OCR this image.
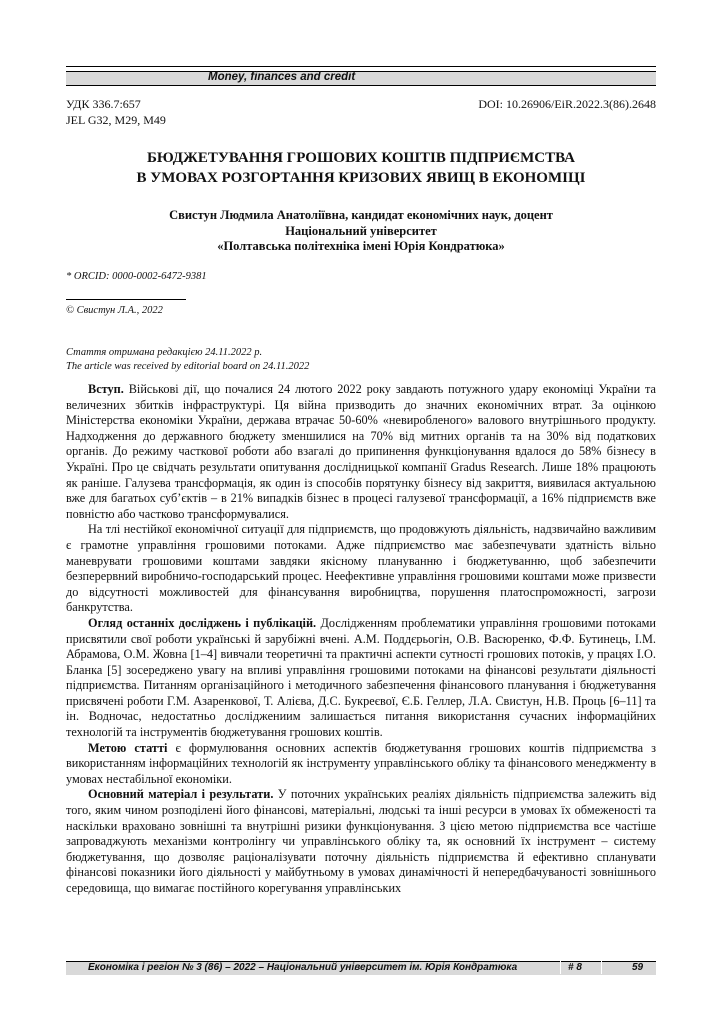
Money, finances and credit
УДК 336.7:657
JEL G32, M29, M49
DOI: 10.26906/EiR.2022.3(86).2648
БЮДЖЕТУВАННЯ ГРОШОВИХ КОШТІВ ПІДПРИЄМСТВА
В УМОВАХ РОЗГОРТАННЯ КРИЗОВИХ ЯВИЩ В ЕКОНОМІЦІ
Свистун Людмила Анатоліївна, кандидат економічних наук, доцент
Національний університет
«Полтавська політехніка імені Юрія Кондратюка»
* ORCID: 0000-0002-6472-9381
© Свистун Л.А., 2022
Стаття отримана редакцією 24.11.2022 р.
The article was received by editorial board on 24.11.2022

Вступ. Військові дії, що почалися 24 лютого 2022 року завдають потужного удару економіці України та величезних збитків інфраструктурі. Ця війна призводить до значних економічних втрат. За оцінкою Міністерства економіки України, держава втрачає 50-60% «невиробленого» валового внутрішнього продукту. Надходження до державного бюджету зменшилися на 70% від митних органів та на 30% від податкових органів. До режиму часткової роботи або взагалі до припинення функціонування вдалося до 58% бізнесу в Україні. Про це свідчать результати опитування дослідницької компанії Gradus Research. Лише 18% працюють як раніше. Галузева трансформація, як один із способів порятунку бізнесу від закриття, виявилася актуальною вже для багатьох суб’єктів – в 21% випадків бізнес в процесі галузевої трансформації, а 16% підприємств вже повністю або частково трансформувалися.

На тлі нестійкої економічної ситуації для підприємств, що продовжують діяльність, надзвичайно важливим є грамотне управління грошовими потоками. Адже підприємство має забезпечувати здатність вільно маневрувати грошовими коштами завдяки якісному плануванню і бюджетуванню, щоб забезпечити безперервний виробничо-господарський процес. Неефективне управління грошовими коштами може призвести до відсутності можливостей для фінансування виробництва, порушення платоспроможності, загрози банкрутства.

Огляд останніх досліджень і публікацій. Дослідженням проблематики управління грошовими потоками присвятили свої роботи українські й зарубіжні вчені. А.М. Поддєрьогін, О.В. Васюренко, Ф.Ф. Бутинець, І.М. Абрамова, О.М. Жовна [1–4] вивчали теоретичні та практичні аспекти сутності грошових потоків, у працях І.О. Бланка [5] зосереджено увагу на впливі управління грошовими потоками на фінансові результати діяльності підприємства. Питанням організаційного і методичного забезпечення фінансового планування і бюджетування присвячені роботи Г.М. Азаренкової, Т. Алієва, Д.С. Букреєвої, Є.Б. Геллер, Л.А. Свистун, Н.В. Проць [6–11] та ін. Водночас, недостатньо досліджениим залишається питання використання сучасних інформаційних технологій та інструментів бюджетування грошових коштів.

Метою статті є формулювання основних аспектів бюджетування грошових коштів підприємства з використанням інформаційних технологій як інструменту управлінського обліку та фінансового менеджменту в умовах нестабільної економіки.

Основний матеріал і результати. У поточних українських реаліях діяльність підприємства залежить від того, яким чином розподілені його фінансові, матеріальні, людські та інші ресурси в умовах їх обмеженості та наскільки враховано зовнішні та внутрішні ризики функціонування. З цією метою підприємства все частіше запроваджують механізми контролінгу чи управлінського обліку та, як основний їх інструмент – систему бюджетування, що дозволяє раціоналізувати поточну діяльність підприємства й ефективно спланувати фінансові показники його діяльності у майбутньому в умовах динамічності й непередбачуваності зовнішнього середовища, що вимагає постійного корегування управлінських

Економіка і регіон № 3 (86) – 2022 – Національний університет ім. Юрія Кондратюка	# 8	59
